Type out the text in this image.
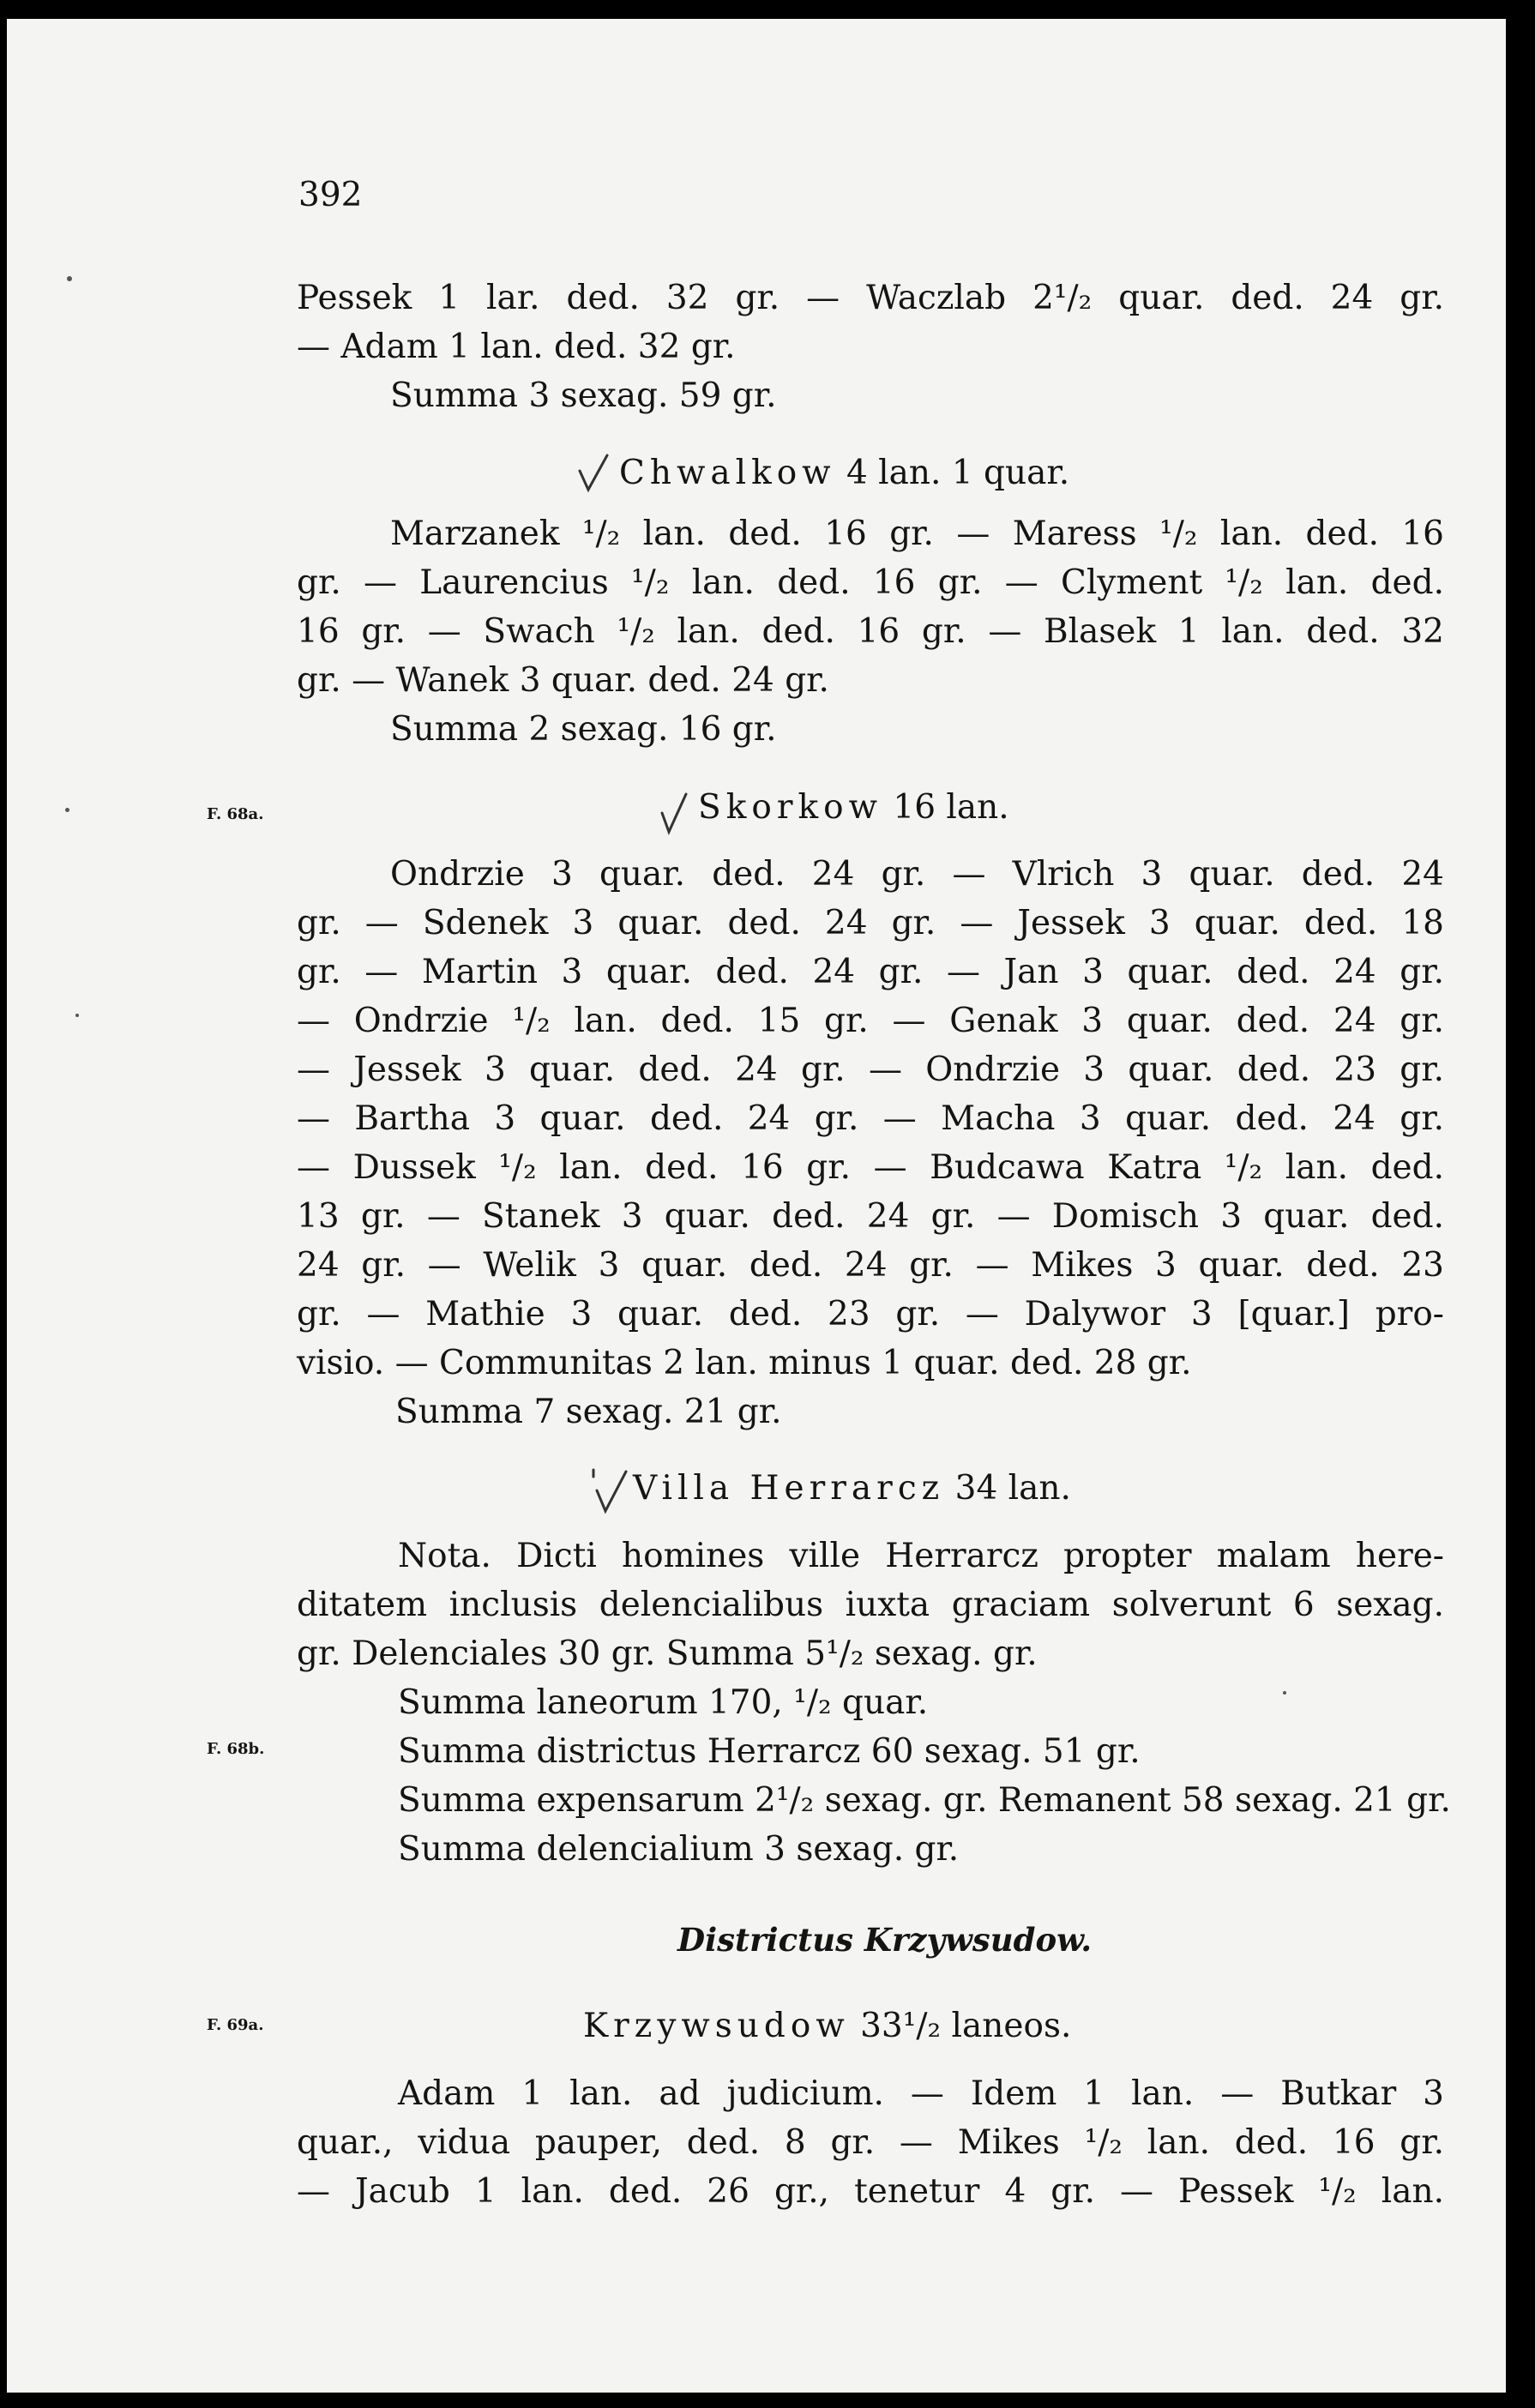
392
Pessek 1 lar. ded. 32 gr. — Waczlab 2¹/₂ quar. ded. 24 gr.
— Adam 1 lan. ded. 32 gr.
Summa 3 sexag. 59 gr.
Chwalkow 4 lan. 1 quar.
Marzanek ¹/₂ lan. ded. 16 gr. — Maress ¹/₂ lan. ded. 16
gr. — Laurencius ¹/₂ lan. ded. 16 gr. — Clyment ¹/₂ lan. ded.
16 gr. — Swach ¹/₂ lan. ded. 16 gr. — Blasek 1 lan. ded. 32
gr. — Wanek 3 quar. ded. 24 gr.
Summa 2 sexag. 16 gr.
F. 68a.	Skorkow 16 lan.
Ondrzie 3 quar. ded. 24 gr. — Vlrich 3 quar. ded. 24
gr. — Sdenek 3 quar. ded. 24 gr. — Jessek 3 quar. ded. 18
gr. — Martin 3 quar. ded. 24 gr. — Jan 3 quar. ded. 24 gr.
— Ondrzie ¹/₂ lan. ded. 15 gr. — Genak 3 quar. ded. 24 gr.
— Jessek 3 quar. ded. 24 gr. — Ondrzie 3 quar. ded. 23 gr.
— Bartha 3 quar. ded. 24 gr. — Macha 3 quar. ded. 24 gr.
— Dussek ¹/₂ lan. ded. 16 gr. — Budcawa Katra ¹/₂ lan. ded.
13 gr. — Stanek 3 quar. ded. 24 gr. — Domisch 3 quar. ded.
24 gr. — Welik 3 quar. ded. 24 gr. — Mikes 3 quar. ded. 23
gr. — Mathie 3 quar. ded. 23 gr. — Dalywor 3 [quar.] pro-
visio. — Communitas 2 lan. minus 1 quar. ded. 28 gr.
Summa 7 sexag. 21 gr.
Villa Herrarcz 34 lan.
Nota. Dicti homines ville Herrarcz propter malam here-
ditatem inclusis delencialibus iuxta graciam solverunt 6 sexag.
gr. Delenciales 30 gr. Summa 5¹/₂ sexag. gr.
Summa laneorum 170, ¹/₂ quar.
F. 68b.	Summa districtus Herrarcz 60 sexag. 51 gr.
Summa expensarum 2¹/₂ sexag. gr. Remanent 58 sexag. 21 gr.
Summa delencialium 3 sexag. gr.
Districtus Krzywsudow.
F. 69a.	Krzywsudow 33¹/₂ laneos.
Adam 1 lan. ad judicium. — Idem 1 lan. — Butkar 3
quar., vidua pauper, ded. 8 gr. — Mikes ¹/₂ lan. ded. 16 gr.
— Jacub 1 lan. ded. 26 gr., tenetur 4 gr. — Pessek ¹/₂ lan.
